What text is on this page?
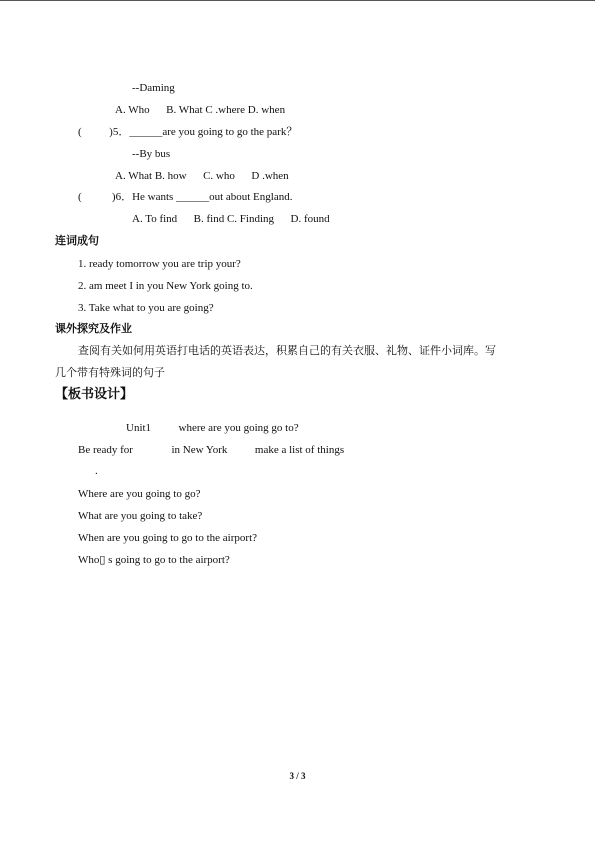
--Daming
A. Who      B. What C .where D. when
(          )5．______are you going to go the park？
--By bus
A. What B. how      C. who      D .when
(           )6．He wants ______out about England.
A. To find      B. find C. Finding      D. found
连词成句
1. ready tomorrow you are trip your?
2. am meet I in you New York going to.
3. Take what to you are going?
课外探究及作业
查阅有关如何用英语打电话的英语表达，积累自己的有关衣服、礼物、证件小词库。写
几个带有特殊词的句子
【板书设计】
Unit1          where are you going go to?
Be ready for              in New York          make a list of things
.
Where are you going to go?
What are you going to take?
When are you going to go to the airport?
Who▯ s going to go to the airport?
3 / 3
